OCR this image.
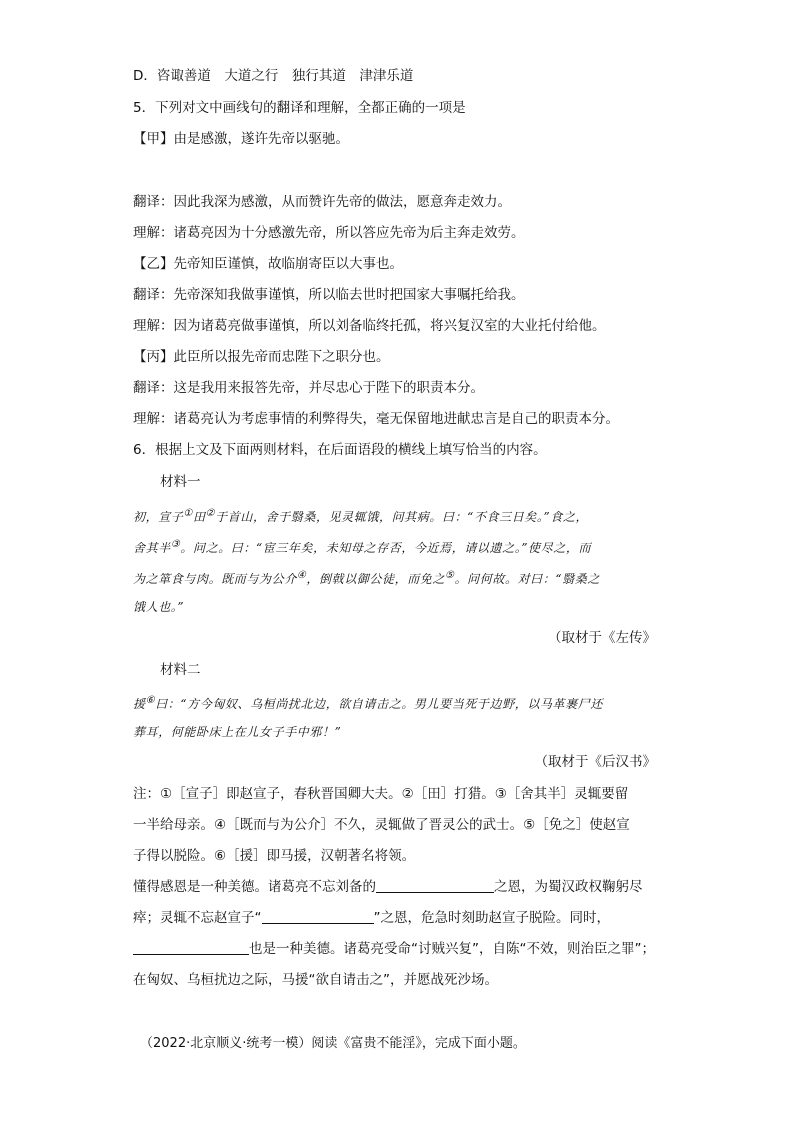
D．咨诹善道　大道之行　独行其道　津津乐道
5．下列对文中画线句的翻译和理解，全都正确的一项是
【甲】由是感激，遂许先帝以驱驰。
翻译：因此我深为感激，从而赞许先帝的做法，愿意奔走效力。
理解：诸葛亮因为十分感激先帝，所以答应先帝为后主奔走效劳。
【乙】先帝知臣谨慎，故临崩寄臣以大事也。
翻译：先帝深知我做事谨慎，所以临去世时把国家大事嘱托给我。
理解：因为诸葛亮做事谨慎，所以刘备临终托孤，将兴复汉室的大业托付给他。
【丙】此臣所以报先帝而忠陛下之职分也。
翻译：这是我用来报答先帝，并尽忠心于陛下的职责本分。
理解：诸葛亮认为考虑事情的利弊得失，毫无保留地进献忠言是自己的职责本分。
6．根据上文及下面两则材料，在后面语段的横线上填写恰当的内容。
材料一
初，宣子①田②于首山，舍于翳桑，见灵辄饿，问其病。曰：“不食三日矣。”食之，
舍其半③。问之。曰：“宦三年矣，未知母之存否，今近焉，请以遗之。”使尽之，而
为之箪食与肉。既而与为公介④，倒戟以御公徒，而免之⑤。问何故。对曰：“翳桑之
饿人也。”
（取材于《左传》
材料二
援⑥曰：“方今匈奴、乌桓尚扰北边，欲自请击之。男儿要当死于边野，以马革裹尸还
葬耳，何能卧床上在儿女子手中邪！”
（取材于《后汉书》
注：①［宣子］即赵宣子，春秋晋国卿大夫。②［田］打猎。③［舍其半］灵辄要留
一半给母亲。④［既而与为公介］不久，灵辄做了晋灵公的武士。⑤［免之］使赵宣
子得以脱险。⑥［援］即马援，汉朝著名将领。
懂得感恩是一种美德。诸葛亮不忘刘备的	之恩，为蜀汉政权鞠躬尽
瘁；灵辄不忘赵宣子“	”之恩，危急时刻助赵宣子脱险。同时，
也是一种美德。诸葛亮受命“讨贼兴复”，自陈“不效，则治臣之罪”；
在匈奴、乌桓扰边之际，马援“欲自请击之”，并愿战死沙场。
（2022·北京顺义·统考一模）阅读《富贵不能淫》，完成下面小题。
